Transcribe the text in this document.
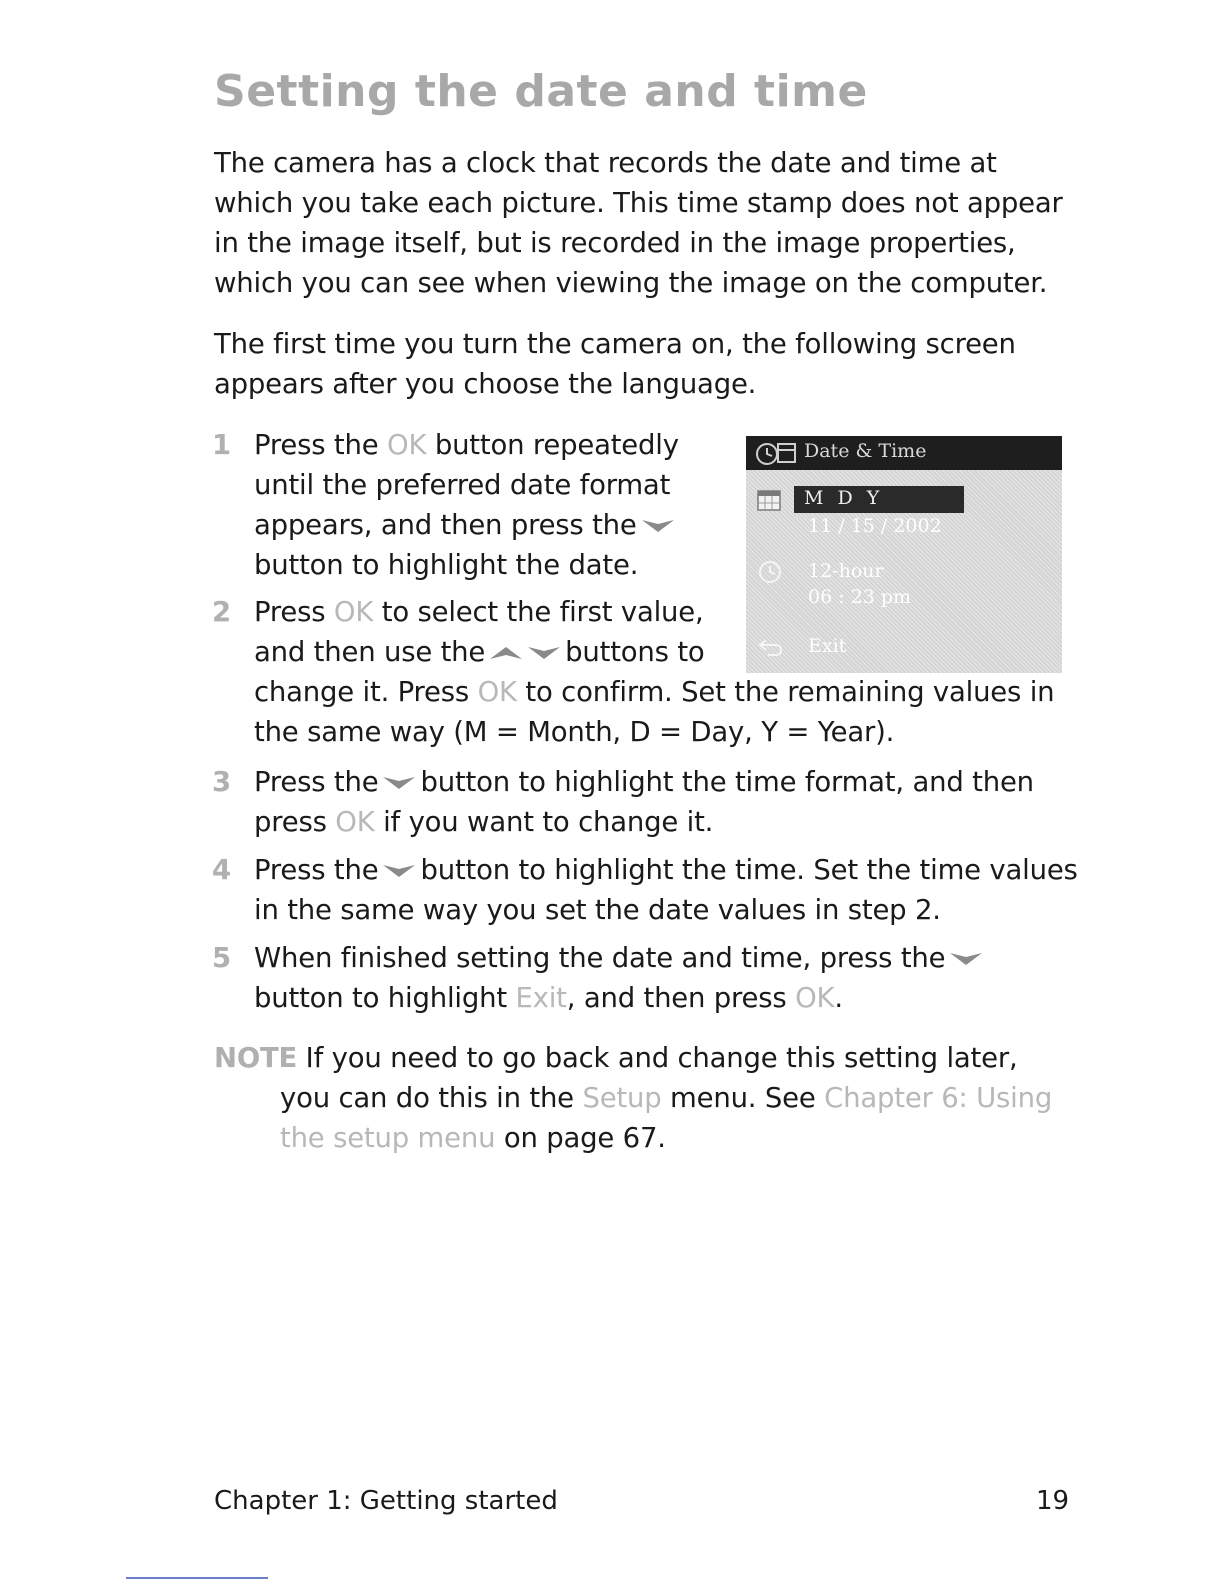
Setting the date and time

The camera has a clock that records the date and time at which you take each picture. This time stamp does not appear in the image itself, but is recorded in the image properties, which you can see when viewing the image on the computer.

The first time you turn the camera on, the following screen appears after you choose the language.

1 Press the OK button repeatedly
until the preferred date format
appears, and then press the
button to highlight the date.
2 Press OK to select the first value,
and then use the	buttons to
change it. Press OK to confirm. Set the remaining values in
the same way (M = Month, D = Day, Y = Year).
3 Press the button to highlight the time format, and then
press OK if you want to change it.
4 Press the button to highlight the time. Set the time values
in the same way you set the date values in step 2.
5 When finished setting the date and time, press the
button to highlight Exit, and then press OK.
NOTE If you need to go back and change this setting later,
you can do this in the Setup menu. See Chapter 6: Using
the setup menu on page 67.
Date & Time
M D Y
11 / 15 / 2002
12-hour
06 : 23 pm
Exit
Chapter 1: Getting started	19
